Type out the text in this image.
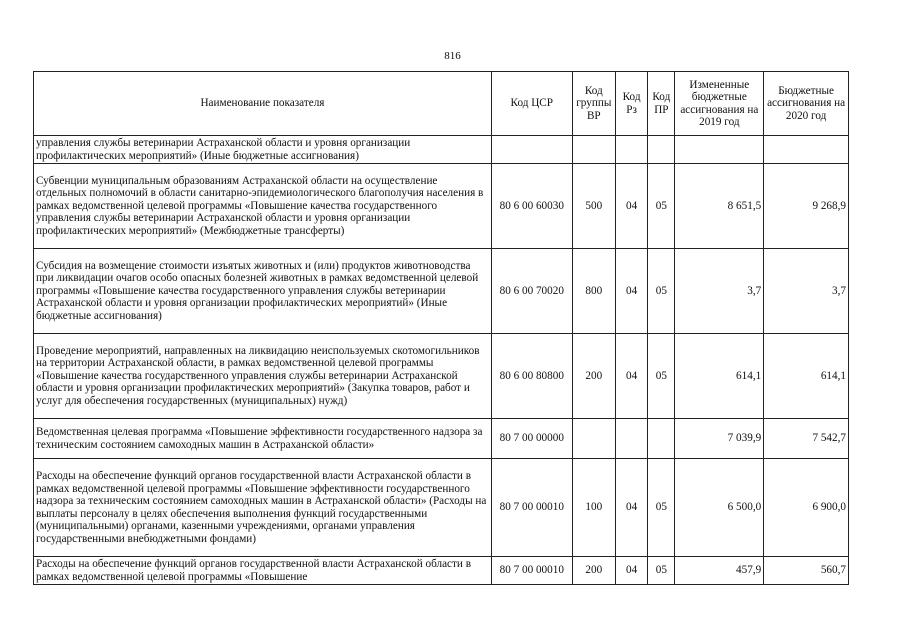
816
Наименование показателя	Код ЦСР	Код группы ВР	Код Рз	Код ПР	Измененные бюджетные ассигнования на 2019 год	Бюджетные ассигнования на 2020 год
управления службы ветеринарии Астраханской области и уровня организации профилактических мероприятий» (Иные бюджетные ассигнования)						
Субвенции муниципальным образованиям Астраханской области на осуществление отдельных полномочий в области санитарно-эпидемиологического благополучия населения в рамках ведомственной целевой программы «Повышение качества государственного управления службы ветеринарии Астраханской области и уровня организации профилактических мероприятий» (Межбюджетные трансферты)	80 6 00 60030	500	04	05	8 651,5	9 268,9
Субсидия на возмещение стоимости изъятых животных и (или) продуктов животноводства при ликвидации очагов особо опасных болезней животных в рамках ведомственной целевой программы «Повышение качества государственного управления службы ветеринарии Астраханской области и уровня организации профилактических мероприятий» (Иные бюджетные ассигнования)	80 6 00 70020	800	04	05	3,7	3,7
Проведение мероприятий, направленных на ликвидацию неиспользуемых скотомогильников на территории Астраханской области, в рамках ведомственной целевой программы «Повышение качества государственного управления службы ветеринарии Астраханской области и уровня организации профилактических мероприятий» (Закупка товаров, работ и услуг для обеспечения государственных (муниципальных) нужд)	80 6 00 80800	200	04	05	614,1	614,1
Ведомственная целевая программа «Повышение эффективности государственного надзора за техническим состоянием самоходных машин в Астраханской области»	80 7 00 00000				7 039,9	7 542,7
Расходы на обеспечение функций органов государственной власти Астраханской области в рамках ведомственной целевой программы «Повышение эффективности государственного надзора за техническим состоянием самоходных машин в Астраханской области» (Расходы на выплаты персоналу в целях обеспечения выполнения функций государственными (муниципальными) органами, казенными учреждениями, органами управления государственными внебюджетными фондами)	80 7 00 00010	100	04	05	6 500,0	6 900,0
Расходы на обеспечение функций органов государственной власти Астраханской области в рамках ведомственной целевой программы «Повышение	80 7 00 00010	200	04	05	457,9	560,7
